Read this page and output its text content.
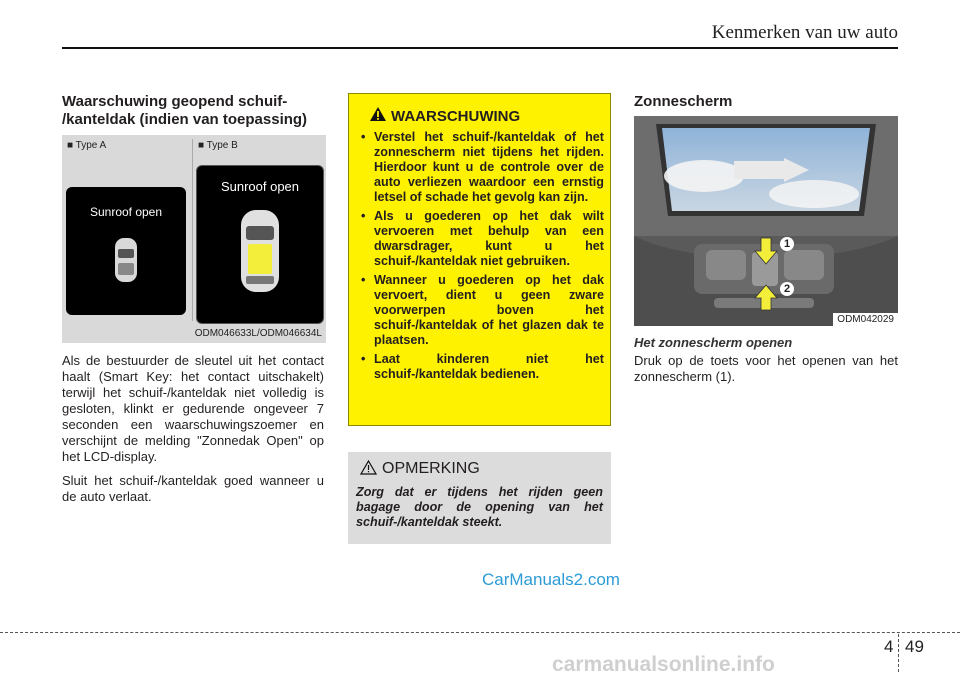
Kenmerken van uw auto
Waarschuwing geopend schuif-
/kanteldak (indien van toepassing)
■ Type A	■ Type B
Sunroof open
Sunroof open
ODM046633L/ODM046634L

Als de bestuurder de sleutel uit het contact haalt (Smart Key: het contact uitschakelt) terwijl het schuif-/kanteldak niet volledig is gesloten, klinkt er gedurende ongeveer 7 seconden een waarschuwingszoemer en verschijnt de melding "Zonnedak Open" op het LCD-display.

Sluit het schuif-/kanteldak goed wanneer u de auto verlaat.

WAARSCHUWING
• Verstel het schuif-/kanteldak of het zonnescherm niet tijdens het rijden. Hierdoor kunt u de controle over de auto verliezen waardoor een ernstig letsel of schade het gevolg kan zijn.
• Als u goederen op het dak wilt vervoeren met behulp van een dwarsdrager, kunt u het schuif-/kanteldak niet gebruiken.
• Wanneer u goederen op het dak vervoert, dient u geen zware voorwerpen boven het schuif-/kanteldak of het glazen dak te plaatsen.
• Laat kinderen niet het schuif-/kanteldak bedienen.
OPMERKING
Zorg dat er tijdens het rijden geen bagage door de opening van het schuif-/kanteldak steekt.
Zonnescherm
1
2
ODM042029
Het zonnescherm openen
Druk op de toets voor het openen van het zonnescherm (1).
CarManuals2.com
4 49
carmanualsonline.info
